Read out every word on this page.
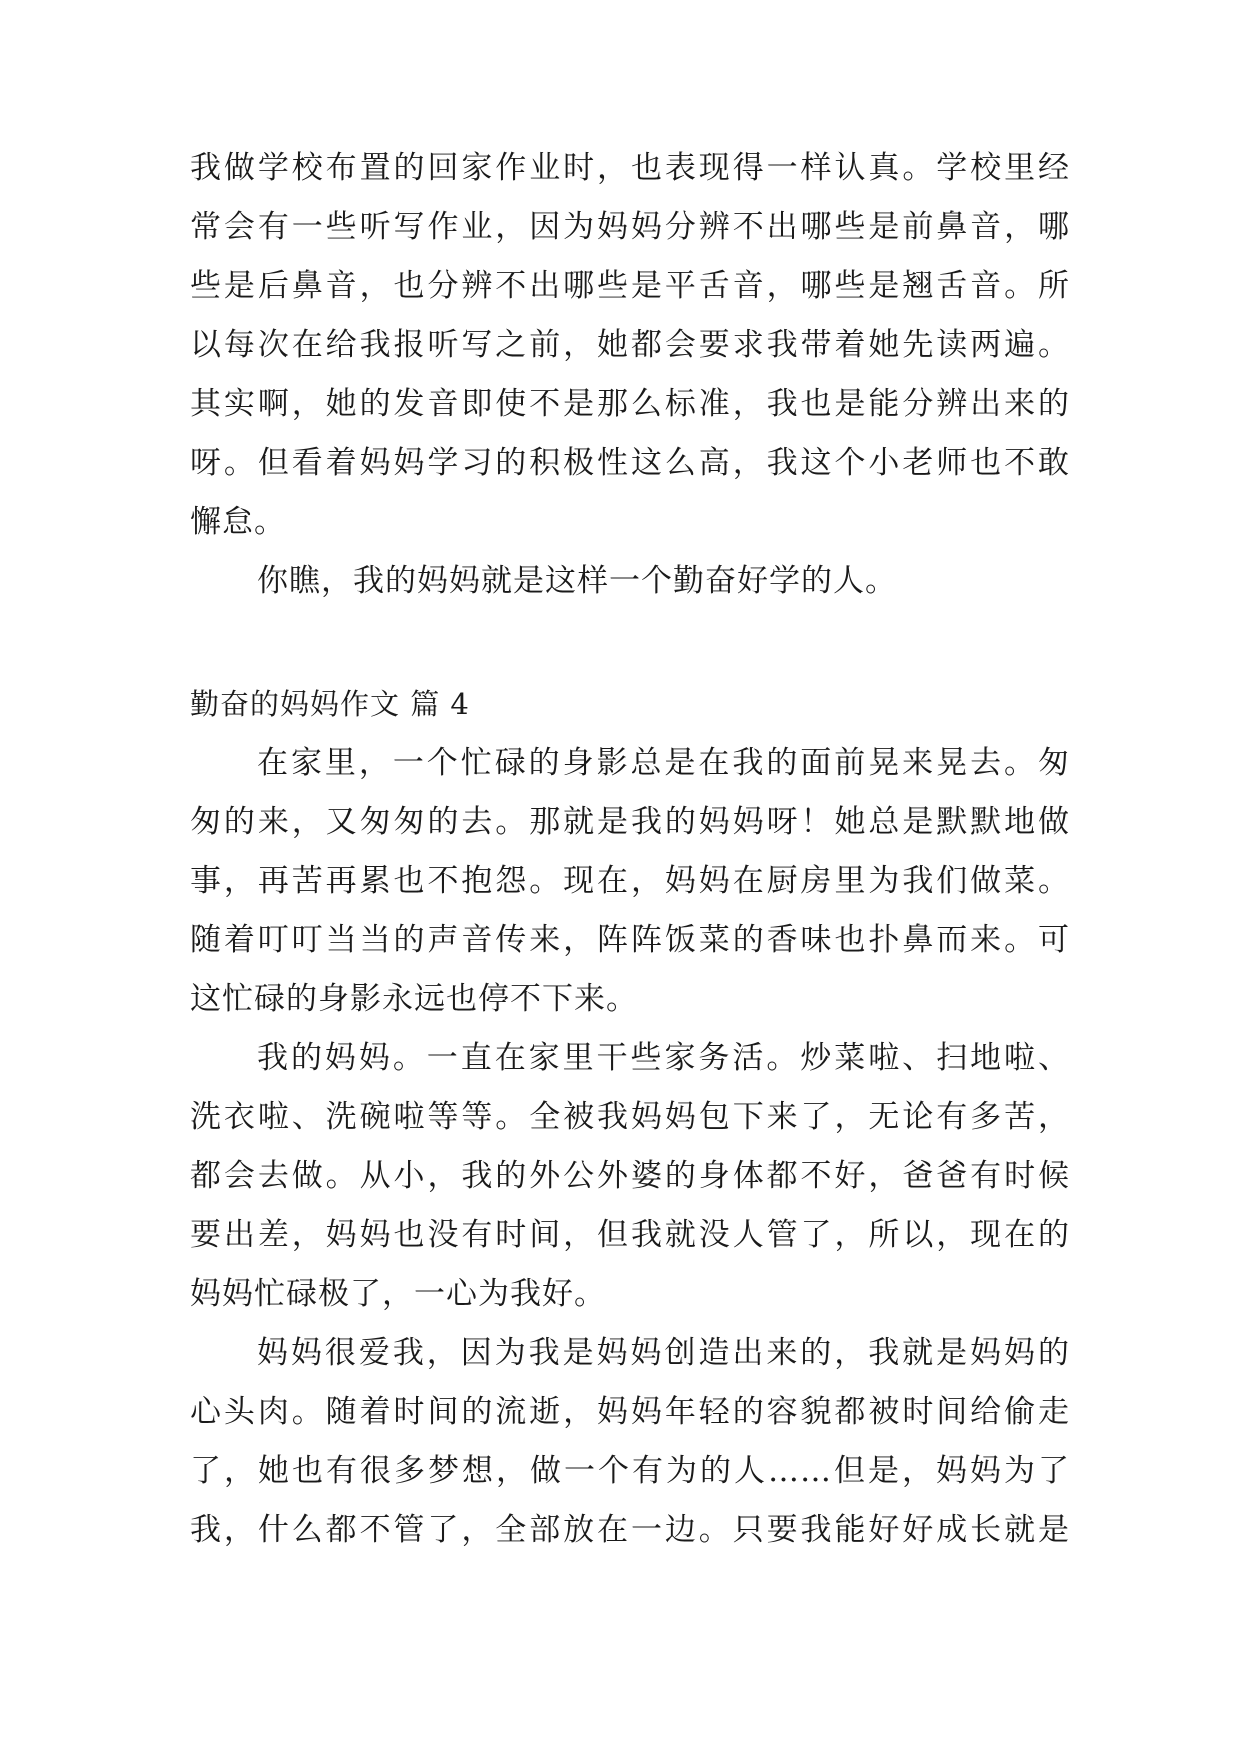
我做学校布置的回家作业时，也表现得一样认真。学校里经
常会有一些听写作业，因为妈妈分辨不出哪些是前鼻音，哪
些是后鼻音，也分辨不出哪些是平舌音，哪些是翘舌音。所
以每次在给我报听写之前，她都会要求我带着她先读两遍。
其实啊，她的发音即使不是那么标准，我也是能分辨出来的
呀。但看着妈妈学习的积极性这么高，我这个小老师也不敢
懈怠。
你瞧，我的妈妈就是这样一个勤奋好学的人。
勤奋的妈妈作文 篇 4
在家里，一个忙碌的身影总是在我的面前晃来晃去。匆
匆的来，又匆匆的去。那就是我的妈妈呀！她总是默默地做
事，再苦再累也不抱怨。现在，妈妈在厨房里为我们做菜。
随着叮叮当当的声音传来，阵阵饭菜的香味也扑鼻而来。可
这忙碌的身影永远也停不下来。
我的妈妈。一直在家里干些家务活。炒菜啦、扫地啦、
洗衣啦、洗碗啦等等。全被我妈妈包下来了，无论有多苦，
都会去做。从小，我的外公外婆的身体都不好，爸爸有时候
要出差，妈妈也没有时间，但我就没人管了，所以，现在的
妈妈忙碌极了，一心为我好。
妈妈很爱我，因为我是妈妈创造出来的，我就是妈妈的
心头肉。随着时间的流逝，妈妈年轻的容貌都被时间给偷走
了，她也有很多梦想，做一个有为的人……但是，妈妈为了
我，什么都不管了，全部放在一边。只要我能好好成长就是
